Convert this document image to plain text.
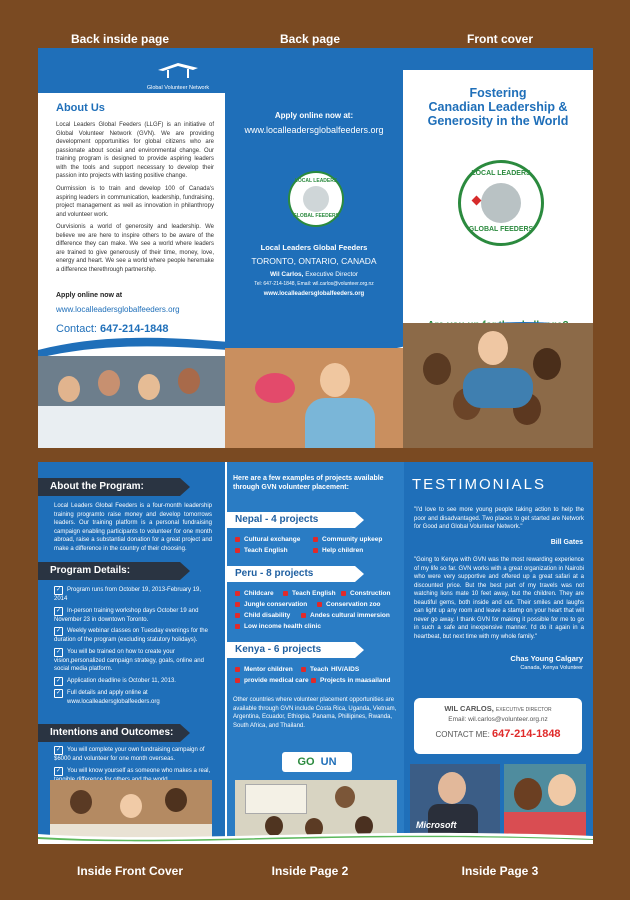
Back inside page	Back page	Front cover
Inside Front Cover	Inside Page 2	Inside Page 3
Global Volunteer Network
About Us
Local Leaders Global Feeders (LLGF) is an initiative of Global Volunteer Network (GVN). We are providing development opportunities for global citizens who are passionate about social and environmental change. Our training program is designed to provide aspiring leaders with the tools and support necessary to develop their passion into projects with lasting positive change.
Ourmission is to train and develop 100 of Canada's aspiring leaders in communication, leadership, fundraising, project management as well as innovation in philanthropy and volunteer work.
Ourvisionis a world of generosity and leadership. We believe we are here to inspire others to be aware of the difference they can make. We see a world where leaders are trained to give generously of their time, money, love, energy and heart. We see a world where people heremake a difference therethrough partnership.
Apply online now at
www.localleadersglobalfeeders.org
Contact: 647-214-1848
Apply online now at:
www.localleadersglobalfeeders.org
LOCAL LEADERS
GLOBAL FEEDERS
Local Leaders Global Feeders
TORONTO, ONTARIO, CANADA
Wil Carlos, Executive Director
Tel: 647-214-1848, Email: wil.carlos@volunteer.org.nz
www.localleadersglobalfeeders.org
Fostering
Canadian Leadership &
Generosity in the World
LOCAL LEADERS
GLOBAL FEEDERS
About the Program:
Local Leaders Global Feeders is a four-month leadership training programto raise money and develop tomorrows leaders. Our training platform is a personal fundraising campaign enabling participants to volunteer for one month abroad, raise a substantial donation for a great project and make a difference in the country of their choosing.
Program Details:
✓ Program runs from October 19, 2013-February 19, 2014
✓ In-person training workshop days October 19 and November 23 in downtown Toronto.
✓ Weekly webinar classes on Tuesday evenings for the duration of the program (excluding statutory holidays).
✓ You will be trained on how to create your vision,personalized campaign strategy, goals, online and social media platform.
✓ Application deadline is October 11, 2013.
✓ Full details and apply online at
www.localleadersglobalfeeders.org
Intentions and Outcomes:
✓ You will complete your own fundraising campaign of $6000 and volunteer for one month overseas.
✓ You will know yourself as someone who makes a real,
Here are a few examples of projects available through GVN volunteer placement:
Nepal - 4 projects
Cultural exchange	Community upkeep
Teach English	Help children
Peru - 8 projects
Childcare	Teach English Construction
Jungle conservation	Conservation zoo
Child disability	Andes cultural immersion
Low income health clinic
Kenya - 6 projects
Mentor children	Teach HIV/AIDS
provide medical care Projects in maasailand
Other countries where volunteer placement opportunities are available through GVN include Costa Rica, Uganda, Vietnam, Argentina, Ecuador, Ethiopia, Panama, Phillipines, Rwanda, South Africa, and Thailand.
GO UN
TESTIMONIALS
"I'd love to see more young people taking action to help the poor and disadvantaged. Two places to get started are Network for Good and Global Volunteer Network."
Bill Gates
"Going to Kenya with GVN was the most rewarding experience of my life so far. GVN works with a great organization in Nairobi who were very supportive and offered up a great safari at a discounted price. But the best part of my travels was not watching lions mate 10 feet away, but the children. They are beautiful gems, both inside and out. Their smiles and laughs can light up any room and leave a stamp on your heart that will never go away. I thank GVN for making it possible for me to go in such a safe and inexpensive manner. I'd do it again in a heartbeat, but next time with my whole family."
Chas Young Calgary
Canada, Kenya Volunteer
WIL CARLOS, EXECUTIVE DIRECTOR
Email: wil.carlos@volunteer.org.nz
CONTACT ME: 647-214-1848
Microsoft
